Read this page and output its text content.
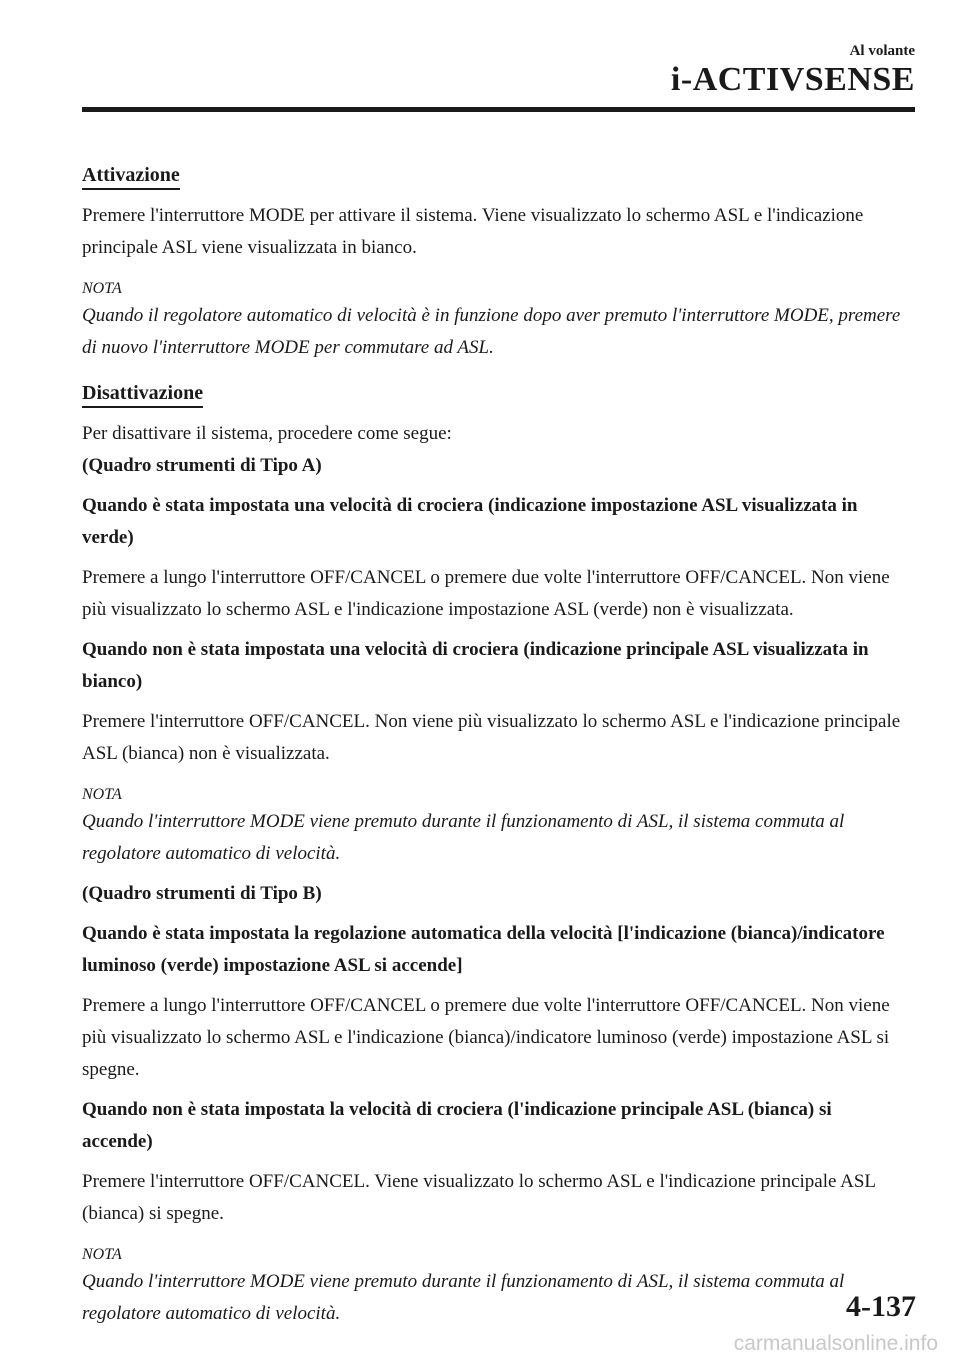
Al volante
i-ACTIVSENSE

Attivazione

Premere l'interruttore MODE per attivare il sistema. Viene visualizzato lo schermo ASL e l'indicazione principale ASL viene visualizzata in bianco.

NOTA

Quando il regolatore automatico di velocità è in funzione dopo aver premuto l'interruttore MODE, premere di nuovo l'interruttore MODE per commutare ad ASL.

Disattivazione

Per disattivare il sistema, procedere come segue:

(Quadro strumenti di Tipo A)

Quando è stata impostata una velocità di crociera (indicazione impostazione ASL visualizzata in verde)

Premere a lungo l'interruttore OFF/CANCEL o premere due volte l'interruttore OFF/CANCEL. Non viene più visualizzato lo schermo ASL e l'indicazione impostazione ASL (verde) non è visualizzata.

Quando non è stata impostata una velocità di crociera (indicazione principale ASL visualizzata in bianco)

Premere l'interruttore OFF/CANCEL. Non viene più visualizzato lo schermo ASL e l'indicazione principale ASL (bianca) non è visualizzata.

NOTA

Quando l'interruttore MODE viene premuto durante il funzionamento di ASL, il sistema commuta al regolatore automatico di velocità.

(Quadro strumenti di Tipo B)

Quando è stata impostata la regolazione automatica della velocità [l'indicazione (bianca)/indicatore luminoso (verde) impostazione ASL si accende]

Premere a lungo l'interruttore OFF/CANCEL o premere due volte l'interruttore OFF/CANCEL. Non viene più visualizzato lo schermo ASL e l'indicazione (bianca)/indicatore luminoso (verde) impostazione ASL si spegne.

Quando non è stata impostata la velocità di crociera (l'indicazione principale ASL (bianca) si accende)

Premere l'interruttore OFF/CANCEL. Viene visualizzato lo schermo ASL e l'indicazione principale ASL (bianca) si spegne.

NOTA

Quando l'interruttore MODE viene premuto durante il funzionamento di ASL, il sistema commuta al regolatore automatico di velocità.	4-137
carmanualsonline.info
